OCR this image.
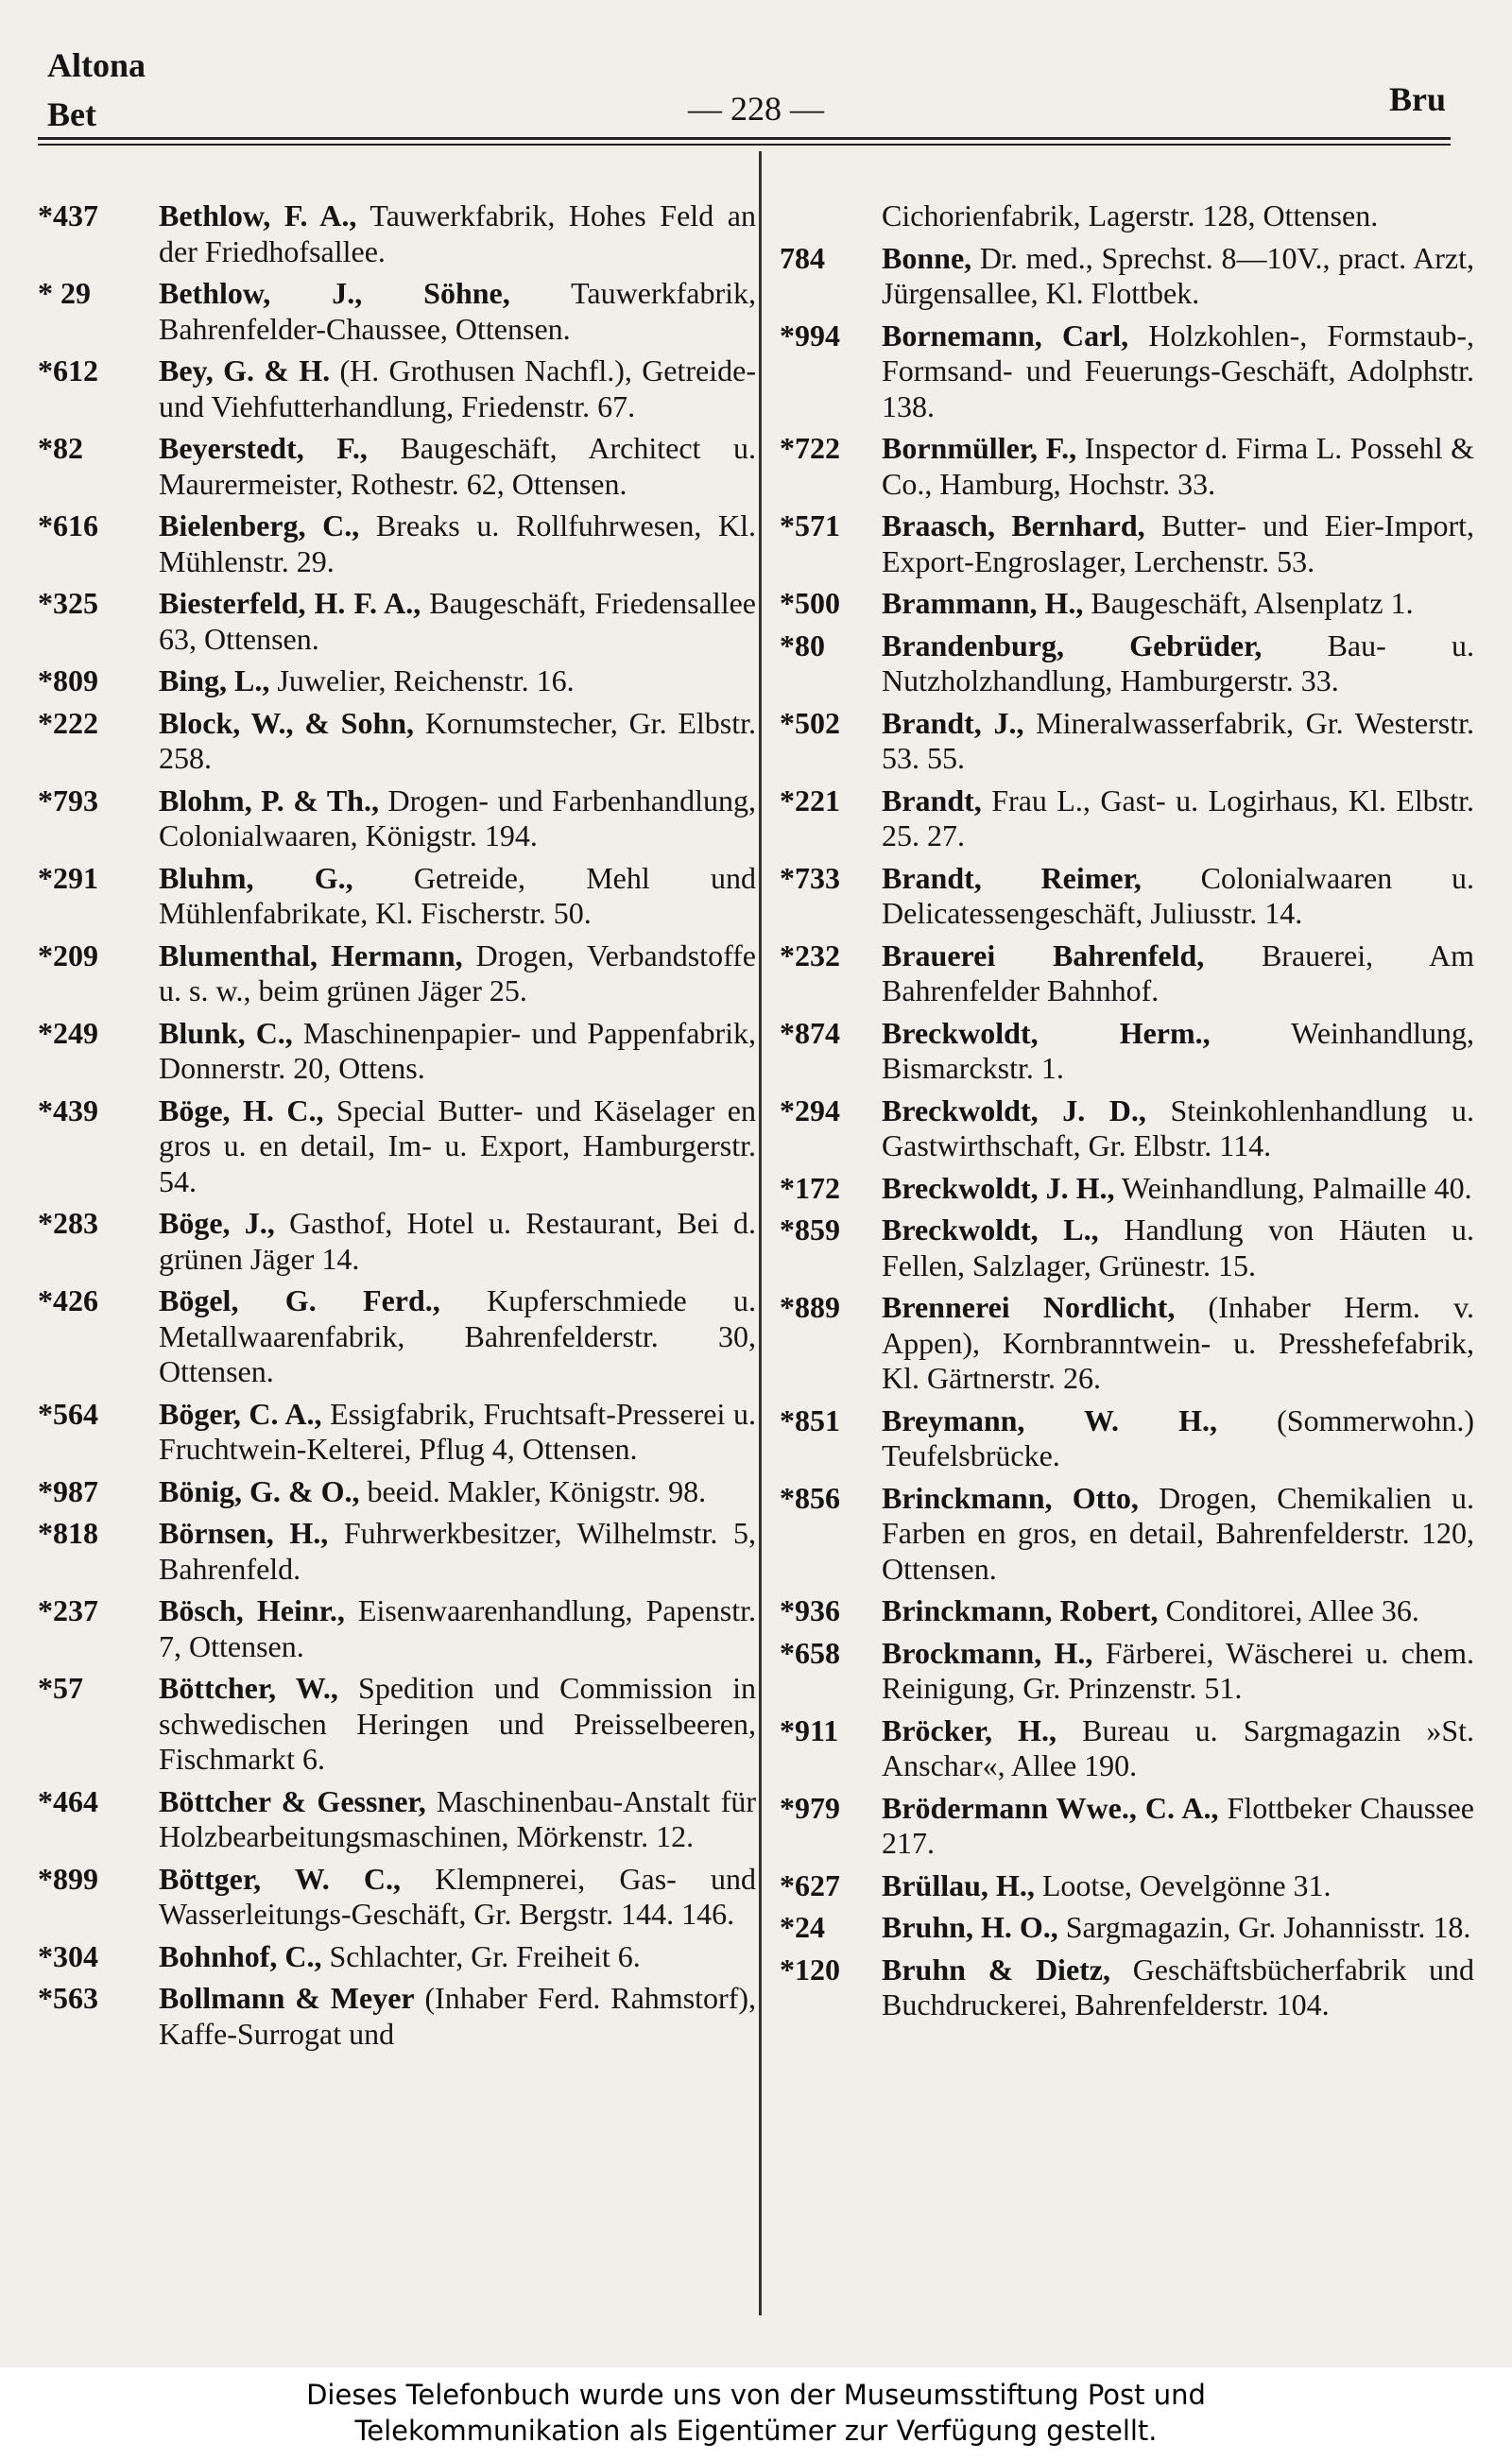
Altona
Bet	— 228 —	Bru
*437	Bethlow, F. A., Tauwerkfabrik, Hohes Feld an der Friedhofsallee.
* 29	Bethlow, J., Söhne, Tauwerkfabrik, Bahrenfelder-Chaussee, Ottensen.
*612	Bey, G. & H. (H. Grothusen Nachfl.), Getreide- und Viehfutterhandlung, Friedenstr. 67.
*82	Beyerstedt, F., Baugeschäft, Architect u. Maurermeister, Rothestr. 62, Ottensen.
*616	Bielenberg, C., Breaks u. Rollfuhrwesen, Kl. Mühlenstr. 29.
*325	Biesterfeld, H. F. A., Baugeschäft, Friedensallee 63, Ottensen.
*809	Bing, L., Juwelier, Reichenstr. 16.
*222	Block, W., & Sohn, Kornumstecher, Gr. Elbstr. 258.
*793	Blohm, P. & Th., Drogen- und Farbenhandlung, Colonialwaaren, Königstr. 194.
*291	Bluhm, G., Getreide, Mehl und Mühlenfabrikate, Kl. Fischerstr. 50.
*209	Blumenthal, Hermann, Drogen, Verbandstoffe u. s. w., beim grünen Jäger 25.
*249	Blunk, C., Maschinenpapier- und Pappenfabrik, Donnerstr. 20, Ottens.
*439	Böge, H. C., Special Butter- und Käselager en gros u. en detail, Im- u. Export, Hamburgerstr. 54.
*283	Böge, J., Gasthof, Hotel u. Restaurant, Bei d. grünen Jäger 14.
*426	Bögel, G. Ferd., Kupferschmiede u. Metallwaarenfabrik, Bahrenfelderstr. 30, Ottensen.
*564	Böger, C. A., Essigfabrik, Fruchtsaft-Presserei u. Fruchtwein-Kelterei, Pflug 4, Ottensen.
*987	Bönig, G. & O., beeid. Makler, Königstr. 98.
*818	Börnsen, H., Fuhrwerkbesitzer, Wilhelmstr. 5, Bahrenfeld.
*237	Bösch, Heinr., Eisenwaarenhandlung, Papenstr. 7, Ottensen.
*57	Böttcher, W., Spedition und Commission in schwedischen Heringen und Preisselbeeren, Fischmarkt 6.
*464	Böttcher & Gessner, Maschinenbau-Anstalt für Holzbearbeitungsmaschinen, Mörkenstr. 12.
*899	Böttger, W. C., Klempnerei, Gas- und Wasserleitungs-Geschäft, Gr. Bergstr. 144. 146.
*304	Bohnhof, C., Schlachter, Gr. Freiheit 6.
*563	Bollmann & Meyer (Inhaber Ferd. Rahmstorf), Kaffe-Surrogat und
Cichorienfabrik, Lagerstr. 128, Ottensen.
784	Bonne, Dr. med., Sprechst. 8—10V., pract. Arzt, Jürgensallee, Kl. Flottbek.
*994	Bornemann, Carl, Holzkohlen-, Formstaub-, Formsand- und Feuerungs-Geschäft, Adolphstr. 138.
*722	Bornmüller, F., Inspector d. Firma L. Possehl & Co., Hamburg, Hochstr. 33.
*571	Braasch, Bernhard, Butter- und Eier-Import, Export-Engroslager, Lerchenstr. 53.
*500	Brammann, H., Baugeschäft, Alsenplatz 1.
*80	Brandenburg, Gebrüder, Bau- u. Nutzholzhandlung, Hamburgerstr. 33.
*502	Brandt, J., Mineralwasserfabrik, Gr. Westerstr. 53. 55.
*221	Brandt, Frau L., Gast- u. Logirhaus, Kl. Elbstr. 25. 27.
*733	Brandt, Reimer, Colonialwaaren u. Delicatessengeschäft, Juliusstr. 14.
*232	Brauerei Bahrenfeld, Brauerei, Am Bahrenfelder Bahnhof.
*874	Breckwoldt, Herm., Weinhandlung, Bismarckstr. 1.
*294	Breckwoldt, J. D., Steinkohlenhandlung u. Gastwirthschaft, Gr. Elbstr. 114.
*172	Breckwoldt, J. H., Weinhandlung, Palmaille 40.
*859	Breckwoldt, L., Handlung von Häuten u. Fellen, Salzlager, Grünestr. 15.
*889	Brennerei Nordlicht, (Inhaber Herm. v. Appen), Kornbranntwein- u. Presshefefabrik, Kl. Gärtnerstr. 26.
*851	Breymann, W. H., (Sommerwohn.) Teufelsbrücke.
*856	Brinckmann, Otto, Drogen, Chemikalien u. Farben en gros, en detail, Bahrenfelderstr. 120, Ottensen.
*936	Brinckmann, Robert, Conditorei, Allee 36.
*658	Brockmann, H., Färberei, Wäscherei u. chem. Reinigung, Gr. Prinzenstr. 51.
*911	Bröcker, H., Bureau u. Sargmagazin »St. Anschar«, Allee 190.
*979	Brödermann Wwe., C. A., Flottbeker Chaussee 217.
*627	Brüllau, H., Lootse, Oevelgönne 31.
*24	Bruhn, H. O., Sargmagazin, Gr. Johannisstr. 18.
*120	Bruhn & Dietz, Geschäftsbücherfabrik und Buchdruckerei, Bahrenfelderstr. 104.
Dieses Telefonbuch wurde uns von der Museumsstiftung Post und
Telekommunikation als Eigentümer zur Verfügung gestellt.
